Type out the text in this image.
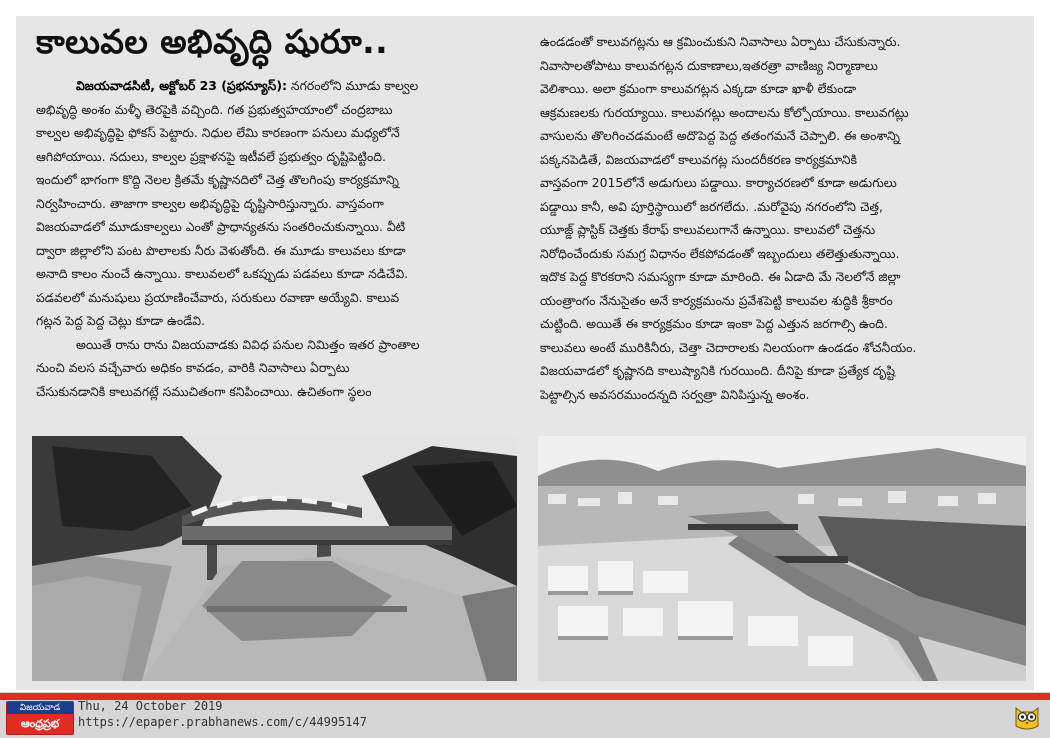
కాలువల అభివృద్ధి షురూ..
విజయవాడసిటీ, అక్టోబర్ 23 (ప్రభన్యూస్): నగరంలోని మూడు కాల్వల
అభివృద్ధి అంశం మళ్ళీ తెరపైకి వచ్చింది. గత ప్రభుత్వహయాంలో చంద్రబాబు
కాల్వల అభివృద్ధిపై ఫోకస్ పెట్టారు. నిధుల లేమి కారణంగా పనులు మధ్యలోనే
ఆగిపోయాయి. నదులు, కాల్వల ప్రక్షాళనపై ఇటీవలే ప్రభుత్వం దృష్టిపెట్టింది.
ఇందులో భాగంగా కొద్ది నెలల క్రితమే కృష్ణానదిలో చెత్త తొలగింపు కార్యక్రమాన్ని
నిర్వహించారు. తాజాగా కాల్వల అభివృద్ధిపై దృష్టిసారిస్తున్నారు. వాస్తవంగా
విజయవాడలో మూడుకాల్వలు ఎంతో ప్రాధాన్యతను సంతరించుకున్నాయి. వీటి
ద్వారా జిల్లాలోని పంట పొలాలకు నీరు వెళుతోంది. ఈ మూడు కాలువలు కూడా
అనాది కాలం నుంచే ఉన్నాయి. కాలువలలో ఒకప్పుడు పడవలు కూడా నడిచేవి.
పడవలలో మనుషులు ప్రయాణించేవారు, సరుకులు రవాణా అయ్యేవి. కాలువ
గట్లన పెద్ద పెద్ద చెట్లు కూడా ఉండేవి.
అయితే రాను రాను విజయవాడకు వివిధ పనుల నిమిత్తం ఇతర ప్రాంతాల
నుంచి వలస వచ్చేవారు అధికం కావడం, వారికి నివాసాలు ఏర్పాటు
చేసుకునడానికి కాలువగట్లే సముచితంగా కనిపించాయి. ఉచితంగా స్థలం
ఉండడంతో కాలువగట్లను ఆ క్రమించుకుని నివాసాలు ఏర్పాటు చేసుకున్నారు.
నివాసాలతోపాటు కాలువగట్లన దుకాణాలు,ఇతరత్రా వాణిజ్య నిర్మాణాలు
వెలిశాయి. అలా క్రమంగా కాలువగట్లన ఎక్కడా కూడా ఖాళీ లేకుండా
ఆక్రమణలకు గురయ్యాయి. కాలువగట్లు అందాలను కోల్పోయాయి. కాలువగట్లు
వాసులను తొలగించడమంటే అదొపెద్ద పెద్ద తతంగమనే చెప్పాలి. ఈ అంశాన్ని
పక్కనపెడితే, విజయవాడలో కాలువగట్ల సుందరీకరణ కార్యక్రమానికి
వాస్తవంగా 2015లోనే అడుగులు పడ్డాయి. కార్యాచరణలో కూడా అడుగులు
పడ్డాయి కానీ, అవి పూర్తిస్థాయిలో జరగలేదు. .మరోవైపు నగరంలోని చెత్త,
యూజ్డ్ ప్లాస్టిక్ చెత్తకు కేరాఫ్ కాలువలుగానే ఉన్నాయి. కాలువలో చెత్తను
నిరోధించేందుకు సమగ్ర విధానం లేకపోవడంతో ఇబ్బందులు తలెత్తుతున్నాయి.
ఇదొక పెద్ద కొరకరాని సమస్యగా కూడా మారింది. ఈ ఏడాది మే నెలలోనే జిల్లా
యంత్రాంగం నేనుసైతం అనే కార్యక్రమంను ప్రవేశపెట్టి కాలువల శుద్ధికి శ్రీకారం
చుట్టింది. అయితే ఈ కార్యక్రమం కూడా ఇంకా పెద్ద ఎత్తున జరగాల్సి ఉంది.
కాలువలు అంటే మురికినీరు, చెత్తా చెదారాలకు నిలయంగా ఉండడం శోచనీయం.
విజయవాడలో కృష్ణానది కాలుష్యానికి గురయింది. దీనిపై కూడా ప్రత్యేక దృష్టి
పెట్టాల్సిన అవసరముందన్నది సర్వత్రా వినిపిస్తున్న అంశం.
విజయవాడ
ఆంధ్రప్రభ
Thu, 24 October 2019
https://epaper.prabhanews.com/c/44995147
